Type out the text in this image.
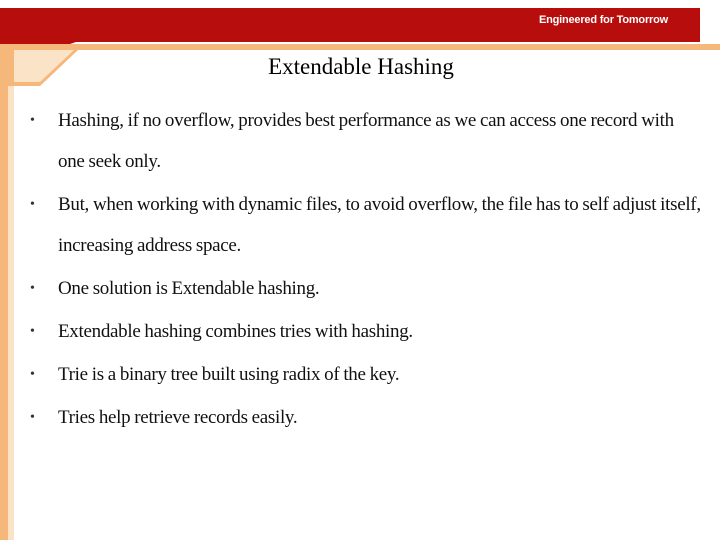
Engineered for Tomorrow
Extendable Hashing
• Hashing, if no overflow, provides best performance as we can access one record with one seek only.
• But, when working with dynamic files, to avoid overflow, the file has to self adjust itself, increasing address space.
• One solution is Extendable hashing.
• Extendable hashing combines tries with hashing.
• Trie is a binary tree built using radix of the key.
• Tries help retrieve records easily.
